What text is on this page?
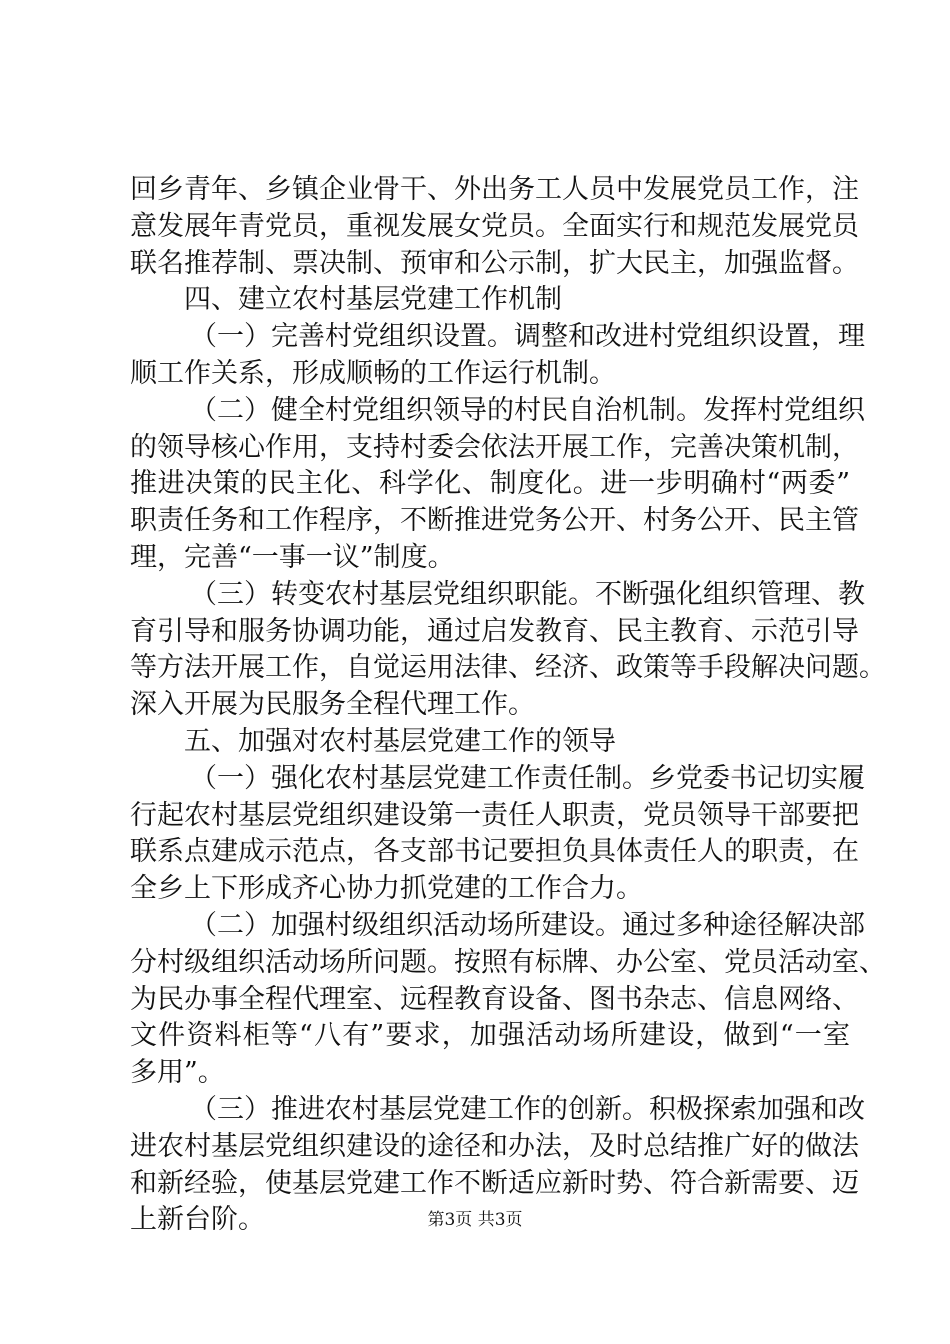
回乡青年、乡镇企业骨干、外出务工人员中发展党员工作，注
意发展年青党员，重视发展女党员。全面实行和规范发展党员
联名推荐制、票决制、预审和公示制，扩大民主，加强监督。
四、建立农村基层党建工作机制
（一）完善村党组织设置。调整和改进村党组织设置，理
顺工作关系，形成顺畅的工作运行机制。
（二）健全村党组织领导的村民自治机制。发挥村党组织
的领导核心作用，支持村委会依法开展工作，完善决策机制，
推进决策的民主化、科学化、制度化。进一步明确村“两委”
职责任务和工作程序，不断推进党务公开、村务公开、民主管
理，完善“一事一议”制度。
（三）转变农村基层党组织职能。不断强化组织管理、教
育引导和服务协调功能，通过启发教育、民主教育、示范引导
等方法开展工作，自觉运用法律、经济、政策等手段解决问题。
深入开展为民服务全程代理工作。
五、加强对农村基层党建工作的领导
（一）强化农村基层党建工作责任制。乡党委书记切实履
行起农村基层党组织建设第一责任人职责，党员领导干部要把
联系点建成示范点，各支部书记要担负具体责任人的职责，在
全乡上下形成齐心协力抓党建的工作合力。
（二）加强村级组织活动场所建设。通过多种途径解决部
分村级组织活动场所问题。按照有标牌、办公室、党员活动室、
为民办事全程代理室、远程教育设备、图书杂志、信息网络、
文件资料柜等“八有”要求，加强活动场所建设，做到“一室
多用”。
（三）推进农村基层党建工作的创新。积极探索加强和改
进农村基层党组织建设的途径和办法，及时总结推广好的做法
和新经验，使基层党建工作不断适应新时势、符合新需要、迈
上新台阶。	第3页 共3页
